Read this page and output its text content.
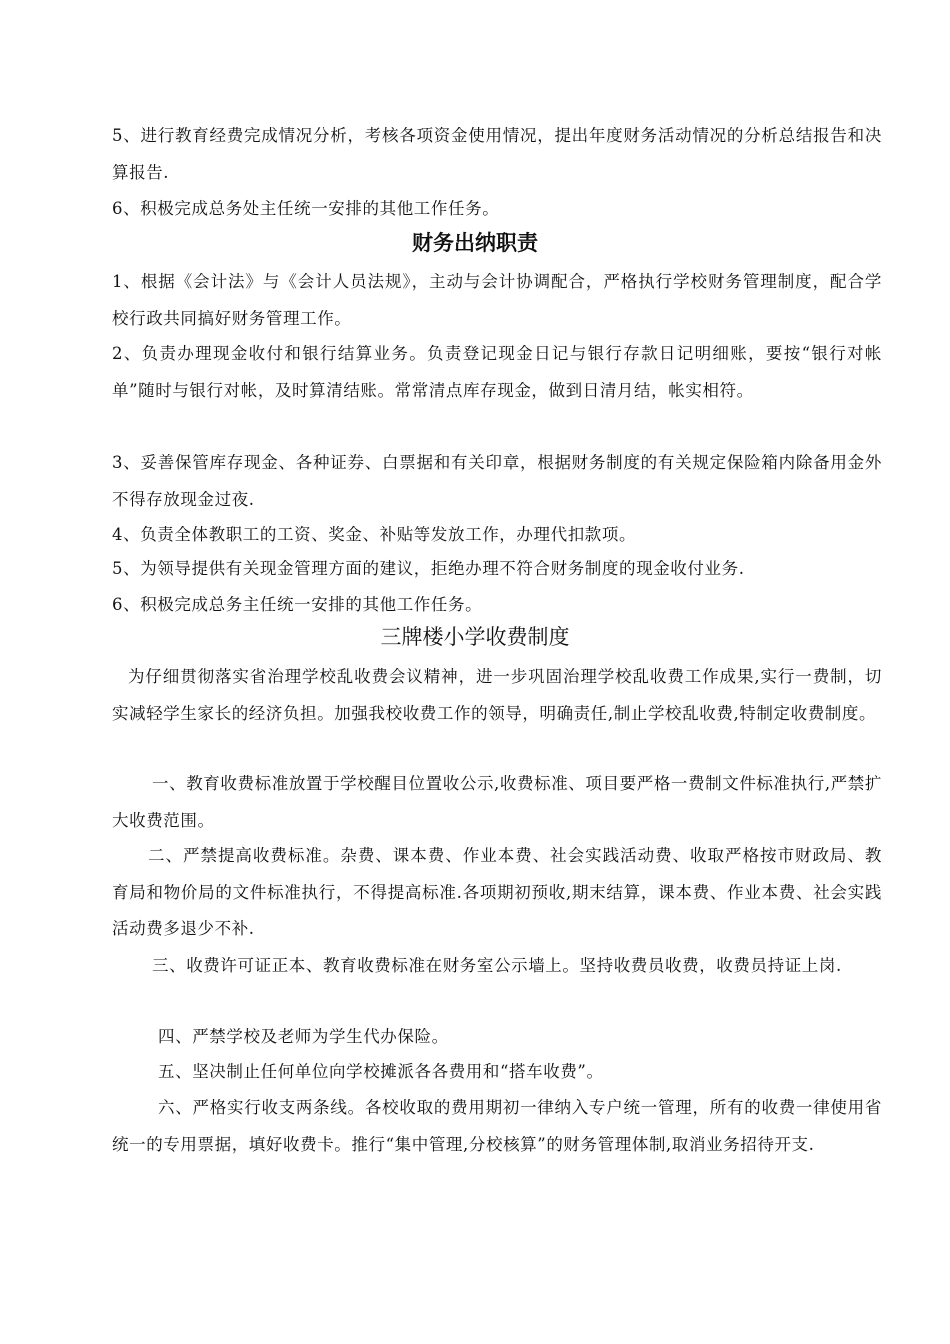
5、进行教育经费完成情况分析，考核各项资金使用情况，提出年度财务活动情况的分析总结报告和决算报告.

6、积极完成总务处主任统一安排的其他工作任务。

财务出纳职责

1、根据《会计法》与《会计人员法规》，主动与会计协调配合，严格执行学校财务管理制度，配合学校行政共同搞好财务管理工作。

2、负责办理现金收付和银行结算业务。负责登记现金日记与银行存款日记明细账，要按“银行对帐单”随时与银行对帐，及时算清结账。常常清点库存现金，做到日清月结，帐实相符。

3、妥善保管库存现金、各种证券、白票据和有关印章，根据财务制度的有关规定保险箱内除备用金外不得存放现金过夜.

4、负责全体教职工的工资、奖金、补贴等发放工作，办理代扣款项。

5、为领导提供有关现金管理方面的建议，拒绝办理不符合财务制度的现金收付业务.

6、积极完成总务主任统一安排的其他工作任务。

三牌楼小学收费制度

为仔细贯彻落实省治理学校乱收费会议精神，进一步巩固治理学校乱收费工作成果,实行一费制，切实减轻学生家长的经济负担。加强我校收费工作的领导，明确责任,制止学校乱收费,特制定收费制度。

一、教育收费标准放置于学校醒目位置收公示,收费标准、项目要严格一费制文件标准执行,严禁扩大收费范围。

二、严禁提高收费标准。杂费、课本费、作业本费、社会实践活动费、收取严格按市财政局、教育局和物价局的文件标准执行，不得提高标准.各项期初预收,期末结算，课本费、作业本费、社会实践活动费多退少不补.

三、收费许可证正本、教育收费标准在财务室公示墙上。坚持收费员收费，收费员持证上岗.

四、严禁学校及老师为学生代办保险。

五、坚决制止任何单位向学校摊派各各费用和“搭车收费”。

六、严格实行收支两条线。各校收取的费用期初一律纳入专户统一管理，所有的收费一律使用省统一的专用票据，填好收费卡。推行“集中管理,分校核算”的财务管理体制,取消业务招待开支.
